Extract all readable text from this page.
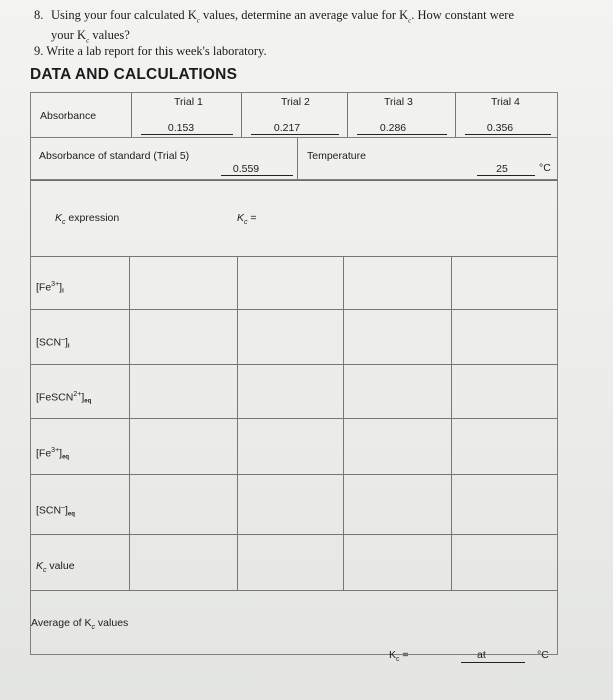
8. Using your four calculated $K_c$ values, determine an average value for $K_c$. How constant were
your $K_c$ values?
9. Write a lab report for this week's laboratory.
DATA AND CALCULATIONS
Absorbance
Trial 1	Trial 2	Trial 3	Trial 4
0.153	0.217	0.286	0.356
Absorbance of standard (Trial 5)
0.559
Temperature
25	°C
$K_c$ expression	$K_c$ =
$[Fe^{3+}]i$
[SCN–]i
[FeSCN$^{2+}$]eq
$[Fe^{3+}]eq$
[SCN–]eq
$K_c$ value
Average of $K_c$ values
$K_c$ =	at	°C
